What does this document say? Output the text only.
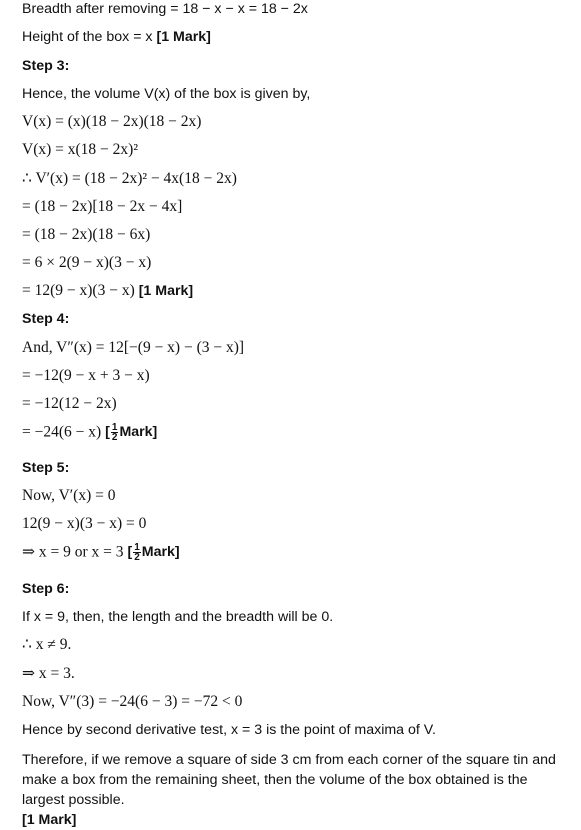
Breadth after removing = 18 − x − x = 18 − 2x
Height of the box = x [1 Mark]
Step 3:
Hence, the volume V(x) of the box is given by,
V(x) = (x)(18 − 2x)(18 − 2x)
V(x) = x(18 − 2x)²
∴ V′(x) = (18 − 2x)² − 4x(18 − 2x)
= (18 − 2x)[18 − 2x − 4x]
= (18 − 2x)(18 − 6x)
= 6 × 2(9 − x)(3 − x)
= 12(9 − x)(3 − x) [1 Mark]
Step 4:
And, V″(x) = 12[−(9 − x) − (3 − x)]
= −12(9 − x + 3 − x)
= −12(12 − 2x)
= −24(6 − x) [ $\frac{1}{2}$ Mark]
Step 5:
Now, V′(x) = 0
12(9 − x)(3 − x) = 0
⇒ x = 9 or x = 3 [ $\frac{1}{2}$ Mark]
Step 6:
If x = 9, then, the length and the breadth will be 0.
∴ x ≠ 9.
⇒ x = 3.
Now, V″(3) = −24(6 − 3) = −72 < 0
Hence by second derivative test, x = 3 is the point of maxima of V.
Therefore, if we remove a square of side 3 cm from each corner of the square tin and make a box from the remaining sheet, then the volume of the box obtained is the largest possible.
[1 Mark]
